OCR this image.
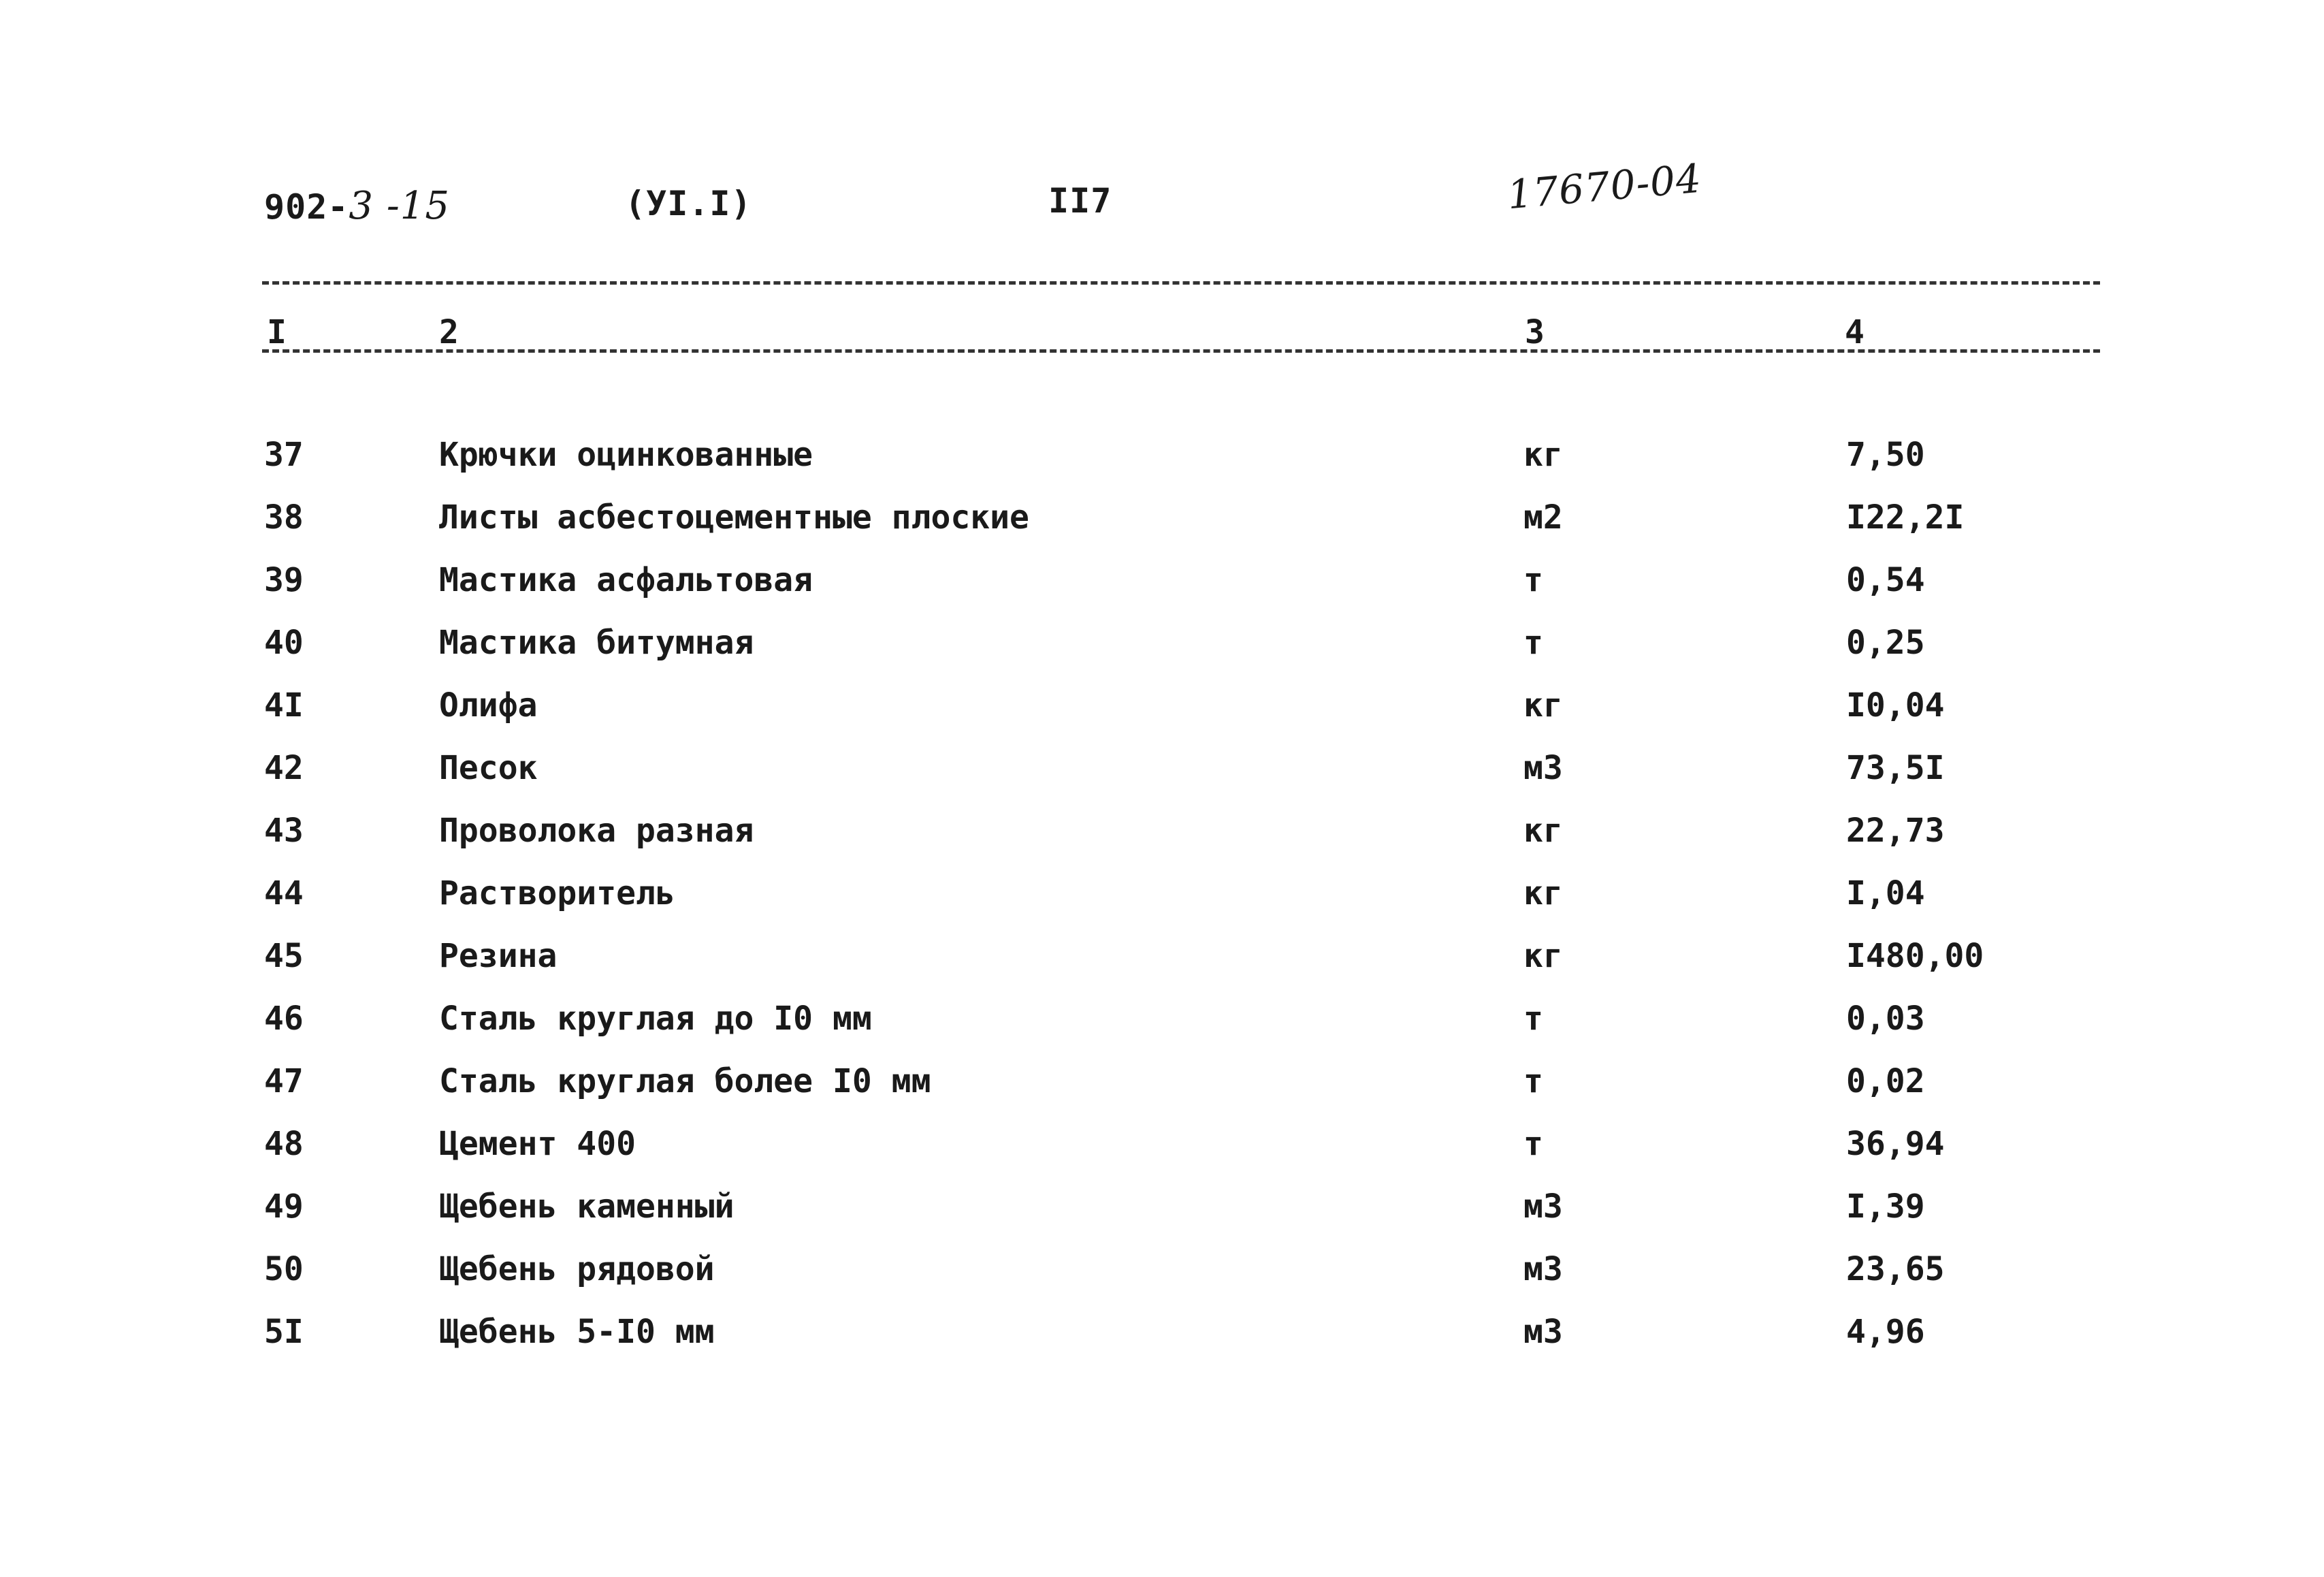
902-3 -15	(УI.I)	II7	17670-04
I	2	3	4
37	Крючки оцинкованные	кг	7,50
38	Листы асбестоцементные плоские	м2	I22,2I
39	Мастика асфальтовая	т	0,54
40	Мастика битумная	т	0,25
4I	Олифа	кг	I0,04
42	Песок	м3	73,5I
43	Проволока разная	кг	22,73
44	Растворитель	кг	I,04
45	Резина	кг	I480,00
46	Сталь круглая до I0 мм	т	0,03
47	Сталь круглая более I0 мм	т	0,02
48	Цемент 400	т	36,94
49	Щебень каменный	м3	I,39
50	Щебень рядовой	м3	23,65
5I	Щебень 5-I0 мм	м3	4,96
